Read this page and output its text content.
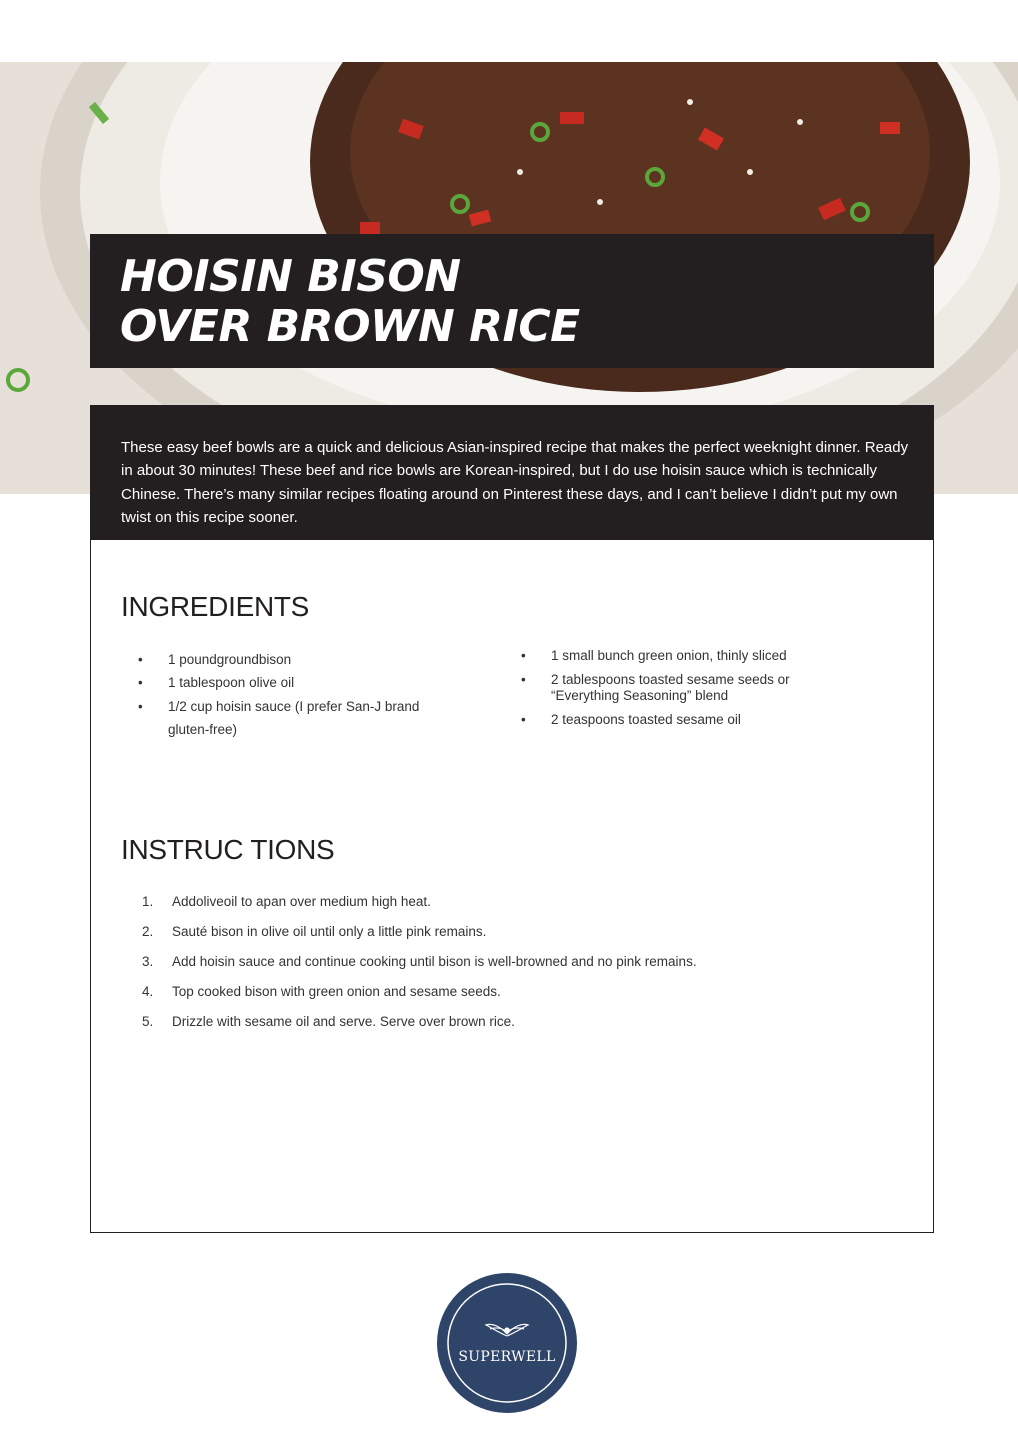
HOISIN BISON
OVER BROWN RICE

These easy beef bowls are a quick and delicious Asian-inspired recipe that makes the perfect weeknight dinner. Ready in about 30 minutes! These beef and rice bowls are Korean-inspired, but I do use hoisin sauce which is technically Chinese. There’s many similar recipes floating around on Pinterest these days, and I can’t believe I didn’t put my own twist on this recipe sooner.

INGREDIENTS
• 1 poundgroundbison
• 1 tablespoon olive oil
• 1/2 cup hoisin sauce (I prefer San-J brand gluten-free)
• 1 small bunch green onion, thinly sliced
• 2 tablespoons toasted sesame seeds or “Everything Seasoning” blend
• 2 teaspoons toasted sesame oil
INSTRUC TIONS
1. Addoliveoil to apan over medium high heat.
2. Sauté bison in olive oil until only a little pink remains.
3. Add hoisin sauce and continue cooking until bison is well-browned and no pink remains.
4. Top cooked bison with green onion and sesame seeds.
5. Drizzle with sesame oil and serve. Serve over brown rice.
SUPERWELL
